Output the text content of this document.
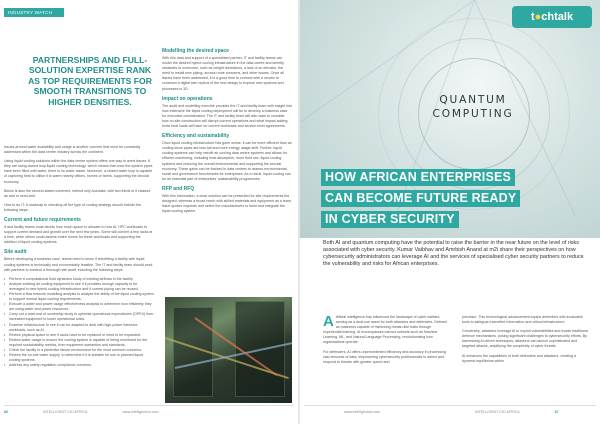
INDUSTRY WATCH
PARTNERSHIPS AND FULL-SOLUTION EXPERTISE RANK AS TOP REQUIREMENTS FOR SMOOTH TRANSITIONS TO HIGHER DENSITIES.

Issues around water availability and usage is another concern that must be constantly addressed within the data centre industry across the continent.

Using liquid cooling solutions within the data centre system offers one way to avert issues. If they are using closed loop liquid cooling technology, which means that once the system pipes have been filled with water, there is no water waste. Moreover, a closed water loop is capable of capturing heat to utilise it to warm nearby offices, homes or farms, supporting the circular economy.

Below is also the second-stated comment, behind only Australia, with two thirds of it classed as arid or semi-arid.

How to do IT: A roadmap to checking off the type of cooling strategy should include the following steps:

Current and future requirements

It and facility teams must decide how much space to allocate to how AI, HPC workloads to support current demand and growth over the next few years. Some will convert a few racks at a time, while others could assess entire rooms for these workloads and supporting the addition of liquid cooling systems.

Site audit

Before developing a business case, teams need to know if retrofitting a facility with liquid cooling systems is technically and economically feasible. The IT and facility team should work with partners to conduct a thorough site audit, including the following steps:

• Perform a computational fluid dynamics study of existing airflows in the facility.
• Analyse existing air cooling equipment to see if it provides enough capacity to be leveraged in new hybrid cooling infrastructure and if current piping can be reused.
• Perform a flow network modelling analysis to analyse the ability of the liquid cooling system to support normal liquid cooling requirements.
• Execute a water and power usage effectiveness analysis to determine how efficiently they are using water and power resources.
• Carry out a total cost of ownership study to optimise operational expenditures (OPEX) from increased equipment to lower operational costs.
• Examine infrastructure to see if can be adapted to deal with high-power intensive workloads, such as AI.
• Review physical space to see if racks have to be replaced or need to be expanded.
• Review water usage to ensure the cooling system is capable of being monitored for the required sustainability metrics, from equipment warranties and standards.
• Check the facility in a predictive failure environment for the most common concerns.
• Review the on-site water supply, to determine if it is suitable for use in planned liquid cooling systems.
• Address any safety regulation compliance concerns.
Modelling the desired space

With this data and support of a specialised partner, IT and facility teams can model the desired hybrid cooling infrastructure in the data centre and identify obstacles to overcome, such as weight restrictions, a lack of an elevator, the need to install new piping, access route concerns, and other issues. Once all issues have been addressed, it is a good time to connect with a vendor to construct a digital twin replica of the new design to explore new systems and processes in 3D.

Impact on operations

The audit and modelling exercise provides the IT and facility team with insight into how extensive the liquid cooling deployment will be to develop a business case for executive consideration. The IT and facility team will also want to consider how on-site construction will disrupt current operations and what impact adding extra heat loads will have on current workloads and service-level agreements.

Efficiency and sustainability

Once liquid cooling infrastructure has gone online, it can be more efficient than air cooling since pipes are less tall and more energy usage shift. Further, liquid cooling systems can help retrofit air cooling data centre systems and allows for efficient monitoring, including heat absorption, more fluid use, liquid cooling systems and reducing the overall environmental and supporting the circular economy. These gains can be tracked in data centres to assess environmental, social and governance benchmarks for enterprises. As a result, liquid cooling can be an essential part of enterprises' sustainability programmes.

RFP and RFQ

With this information, a clear solution can be presented for site requirements the designed, whereas a broad reach with skilled materials and equipment as a team, issue quotes requests and select the manufacturers to build and integrate the liquid cooling system.

86	INTELLIGENT CIO AFRICA	www.intelligentcio.com
QUANTUM
COMPUTING
t●chtalk
HOW AFRICAN ENTERPRISES
CAN BECOME FUTURE READY
IN CYBER SECURITY
Both AI and quantum computing have the potential to raise the barrier in the near future on the level of risks associated with cyber security. Kumar Vaibhav and Amrbish Anand at m2i share their perspectives on how cybersecurity administrators can leverage AI and the services of specialised cyber security partners to reduce the vulnerability and risks for African enterprises.

Artificial intelligence has influenced the landscape of cyber warfare, serving as a dual-use asset for both attackers and defenders. Defined as machines capable of mimicking human-like traits through experiential learning, AI encompasses various subsets such as Machine Learning, ML, and Natural Language Processing, revolutionising how organisations operate.

For defenders, AI offers unprecedented efficiency and accuracy in processing vast amounts of data, empowering cybersecurity professionals to detect and respond to threats with greater speed and

precision. This technological advancement equips defenders with invaluable tools to safeguard sensitive information and critical infrastructure.

Conversely, attackers leverage AI to exploit vulnerabilities and evade traditional defence mechanisms, posing significant challenges to cybersecurity efforts. By harnessing AI-driven techniques, attackers can launch sophisticated and targeted attacks, amplifying the complexity of cyber threats.

AI enhances the capabilities of both defenders and attackers, creating a dynamic equilibrium within

www.intelligentcio.com	INTELLIGENT CIO AFRICA	87
